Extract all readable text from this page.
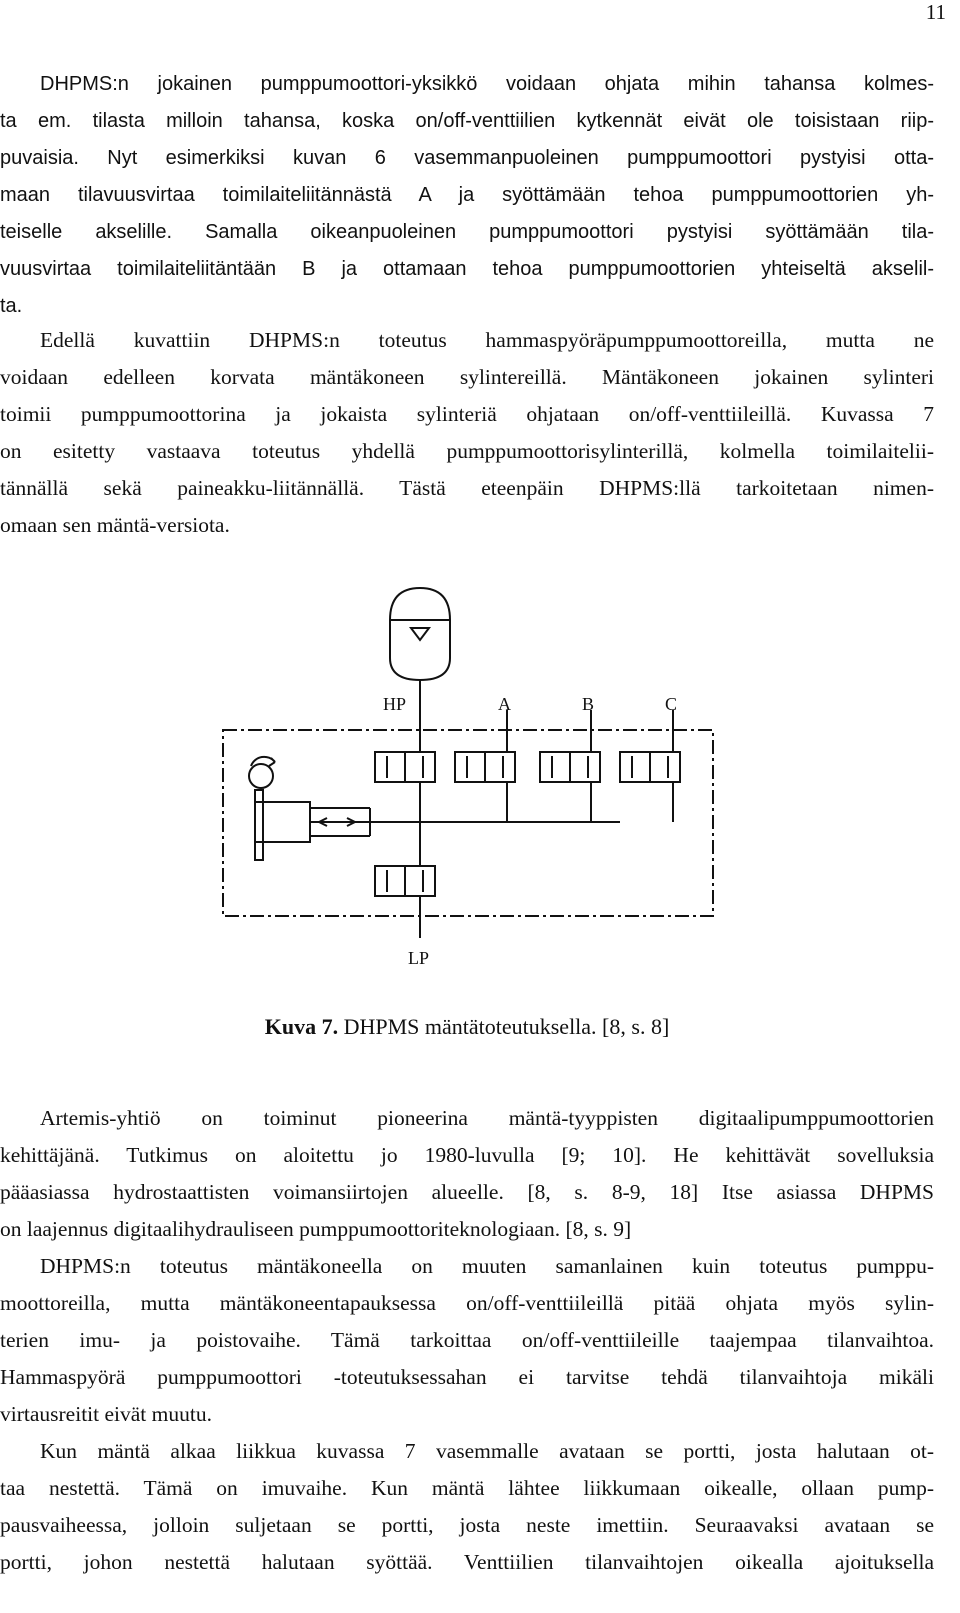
11
DHPMS:n jokainen pumppumoottori-yksikkö voidaan ohjata mihin tahansa kolmes-
ta em. tilasta milloin tahansa, koska on/off-venttiilien kytkennät eivät ole toisistaan riip-
puvaisia. Nyt esimerkiksi kuvan 6 vasemmanpuoleinen pumppumoottori pystyisi otta-
maan tilavuusvirtaa toimilaiteliitännästä A ja syöttämään tehoa pumppumoottorien yh-
teiselle akselille. Samalla oikeanpuoleinen pumppumoottori pystyisi syöttämään tila-
vuusvirtaa toimilaiteliitäntään B ja ottamaan tehoa pumppumoottorien yhteiseltä akselil-
ta.
Edellä kuvattiin DHPMS:n toteutus hammaspyöräpumppumoottoreilla, mutta ne
voidaan edelleen korvata mäntäkoneen sylintereillä. Mäntäkoneen jokainen sylinteri
toimii pumppumoottorina ja jokaista sylinteriä ohjataan on/off-venttiileillä. Kuvassa 7
on esitetty vastaava toteutus yhdellä pumppumoottorisylinterillä, kolmella toimilaitelii-
tännällä sekä paineakku-liitännällä. Tästä eteenpäin DHPMS:llä tarkoitetaan nimen-
omaan sen mäntä-versiota.
HP	A	B	C
LP
Kuva 7. DHPMS mäntätoteutuksella. [8, s. 8]
Artemis-yhtiö on toiminut pioneerina mäntä-tyyppisten digitaalipumppumoottorien
kehittäjänä. Tutkimus on aloitettu jo 1980-luvulla [9; 10]. He kehittävät sovelluksia
pääasiassa hydrostaattisten voimansiirtojen alueelle. [8, s. 8-9, 18] Itse asiassa DHPMS
on laajennus digitaalihydrauliseen pumppumoottoriteknologiaan. [8, s. 9]
DHPMS:n toteutus mäntäkoneella on muuten samanlainen kuin toteutus pumppu-
moottoreilla, mutta mäntäkoneentapauksessa on/off-venttiileillä pitää ohjata myös sylin-
terien imu- ja poistovaihe. Tämä tarkoittaa on/off-venttiileille taajempaa tilanvaihtoa.
Hammaspyörä pumppumoottori -toteutuksessahan ei tarvitse tehdä tilanvaihtoja mikäli
virtausreitit eivät muutu.
Kun mäntä alkaa liikkua kuvassa 7 vasemmalle avataan se portti, josta halutaan ot-
taa nestettä. Tämä on imuvaihe. Kun mäntä lähtee liikkumaan oikealle, ollaan pump-
pausvaiheessa, jolloin suljetaan se portti, josta neste imettiin. Seuraavaksi avataan se
portti, johon nestettä halutaan syöttää. Venttiilien tilanvaihtojen oikealla ajoituksella
